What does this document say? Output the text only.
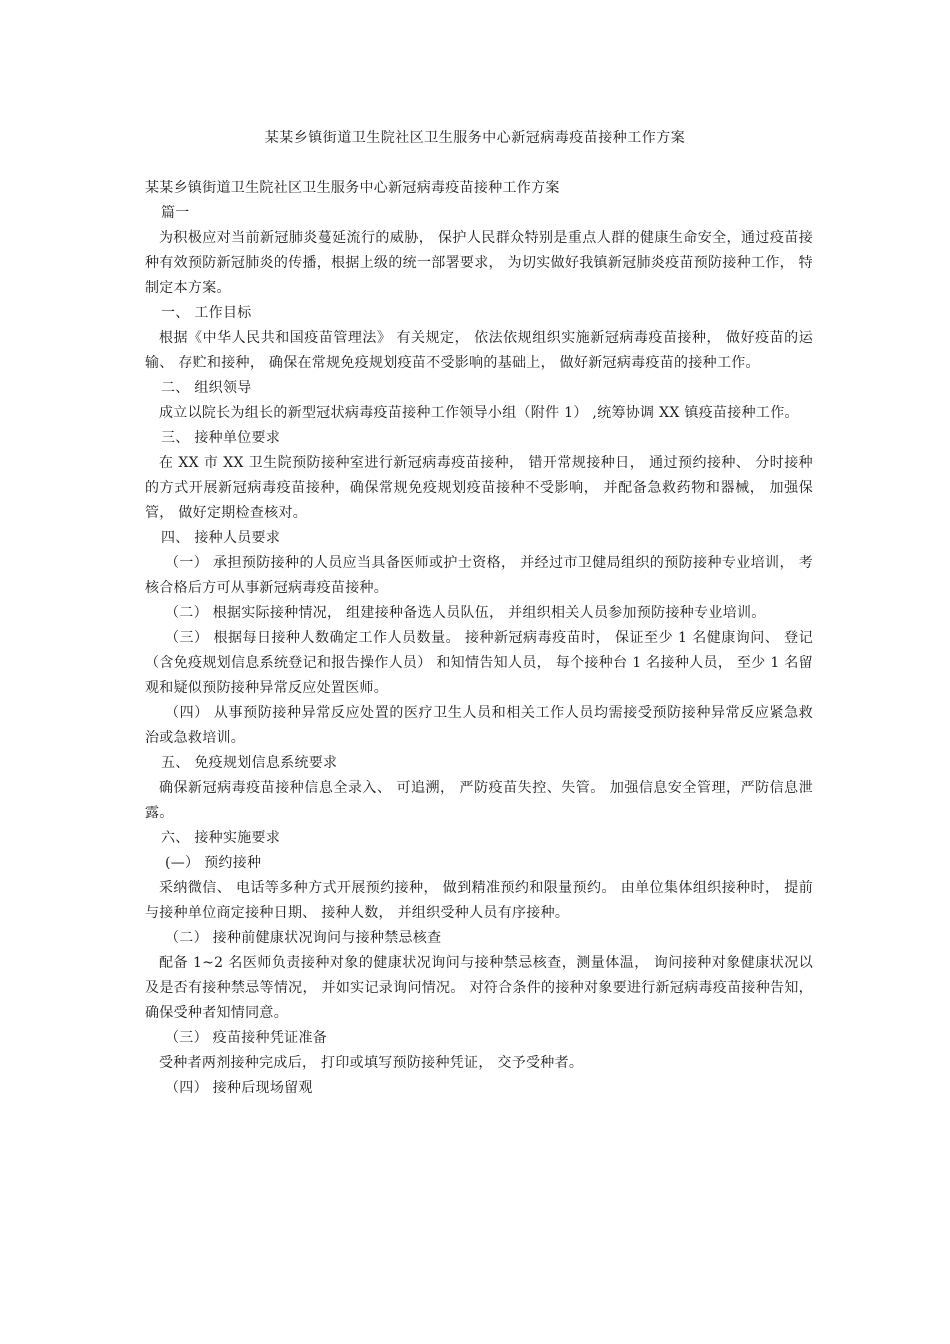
某某乡镇街道卫生院社区卫生服务中心新冠病毒疫苗接种工作方案

某某乡镇街道卫生院社区卫生服务中心新冠病毒疫苗接种工作方案

篇一

为积极应对当前新冠肺炎蔓延流行的威胁， 保护人民群众特别是重点人群的健康生命安全，通过疫苗接种有效预防新冠肺炎的传播，根据上级的统一部署要求， 为切实做好我镇新冠肺炎疫苗预防接种工作， 特制定本方案。

一、 工作目标

根据《中华人民共和国疫苗管理法》 有关规定， 依法依规组织实施新冠病毒疫苗接种， 做好疫苗的运输、 存贮和接种， 确保在常规免疫规划疫苗不受影响的基础上， 做好新冠病毒疫苗的接种工作。

二、 组织领导

成立以院长为组长的新型冠状病毒疫苗接种工作领导小组（附件 1） ,统筹协调 XX 镇疫苗接种工作。

三、 接种单位要求

在 XX 市 XX 卫生院预防接种室进行新冠病毒疫苗接种， 错开常规接种日， 通过预约接种、 分时接种的方式开展新冠病毒疫苗接种，确保常规免疫规划疫苗接种不受影响， 并配备急救药物和器械， 加强保管， 做好定期检查核对。

四、 接种人员要求

（一） 承担预防接种的人员应当具备医师或护士资格， 并经过市卫健局组织的预防接种专业培训， 考核合格后方可从事新冠病毒疫苗接种。

（二） 根据实际接种情况， 组建接种备选人员队伍， 并组织相关人员参加预防接种专业培训。

（三） 根据每日接种人数确定工作人员数量。 接种新冠病毒疫苗时， 保证至少 1 名健康询问、 登记（含免疫规划信息系统登记和报告操作人员） 和知情告知人员， 每个接种台 1 名接种人员， 至少 1 名留观和疑似预防接种异常反应处置医师。

（四） 从事预防接种异常反应处置的医疗卫生人员和相关工作人员均需接受预防接种异常反应紧急救治或急救培训。

五、 免疫规划信息系统要求

确保新冠病毒疫苗接种信息全录入、 可追溯， 严防疫苗失控、失管。 加强信息安全管理，严防信息泄露。

六、 接种实施要求

(—） 预约接种

采纳微信、 电话等多种方式开展预约接种， 做到精准预约和限量预约。 由单位集体组织接种时， 提前与接种单位商定接种日期、 接种人数， 并组织受种人员有序接种。

（二） 接种前健康状况询问与接种禁忌核查

配备 1~2 名医师负责接种对象的健康状况询问与接种禁忌核查，测量体温， 询问接种对象健康状况以及是否有接种禁忌等情况， 并如实记录询问情况。 对符合条件的接种对象要进行新冠病毒疫苗接种告知， 确保受种者知情同意。

（三） 疫苗接种凭证准备

受种者两剂接种完成后， 打印或填写预防接种凭证， 交予受种者。

（四） 接种后现场留观
